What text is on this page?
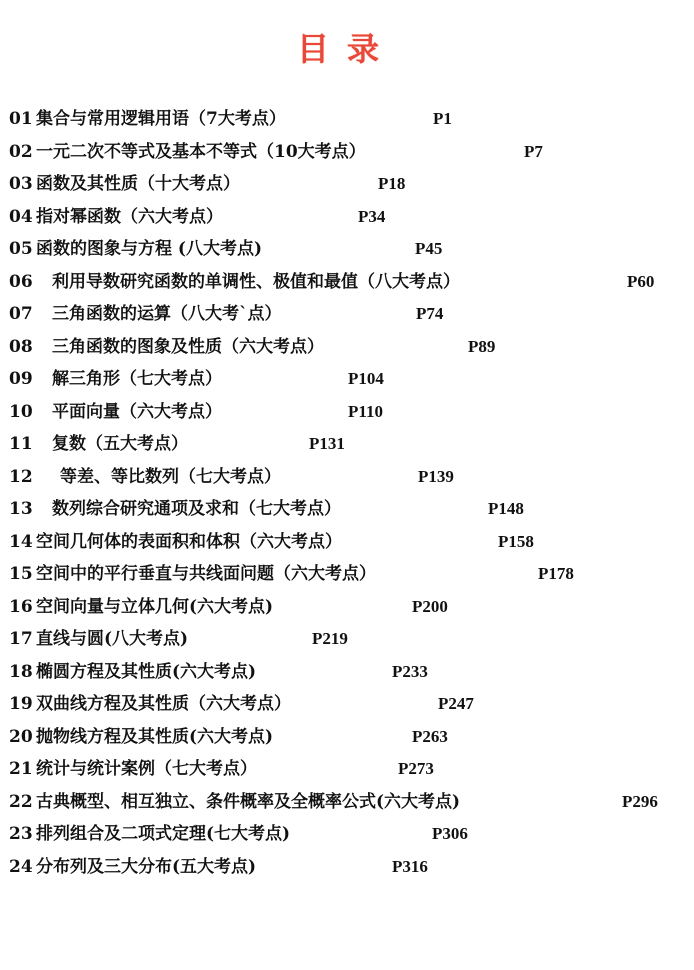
目录
01 集合与常用逻辑用语（7大考点）	P1
02 一元二次不等式及基本不等式（10大考点）	P7
03 函数及其性质（十大考点）	P18
04 指对幂函数（六大考点）	P34
05 函数的图象与方程 (八大考点)	P45
06 利用导数研究函数的单调性、极值和最值（八大考点）	P60
07 三角函数的运算（八大考`点）	P74
08 三角函数的图象及性质（六大考点）	P89
09 解三角形（七大考点）	P104
10 平面向量（六大考点）	P110
11 复数（五大考点）	P131
12 等差、等比数列（七大考点）	P139
13 数列综合研究通项及求和（七大考点）	P148
14 空间几何体的表面积和体积（六大考点）	P158
15 空间中的平行垂直与共线面问题（六大考点）	P178
16 空间向量与立体几何(六大考点)	P200
17 直线与圆(八大考点)	P219
18 椭圆方程及其性质(六大考点)	P233
19 双曲线方程及其性质（六大考点）	P247
20 抛物线方程及其性质(六大考点)	P263
21 统计与统计案例（七大考点）	P273
22 古典概型、相互独立、条件概率及全概率公式(六大考点)	P296
23 排列组合及二项式定理(七大考点)	P306
24 分布列及三大分布(五大考点)	P316
